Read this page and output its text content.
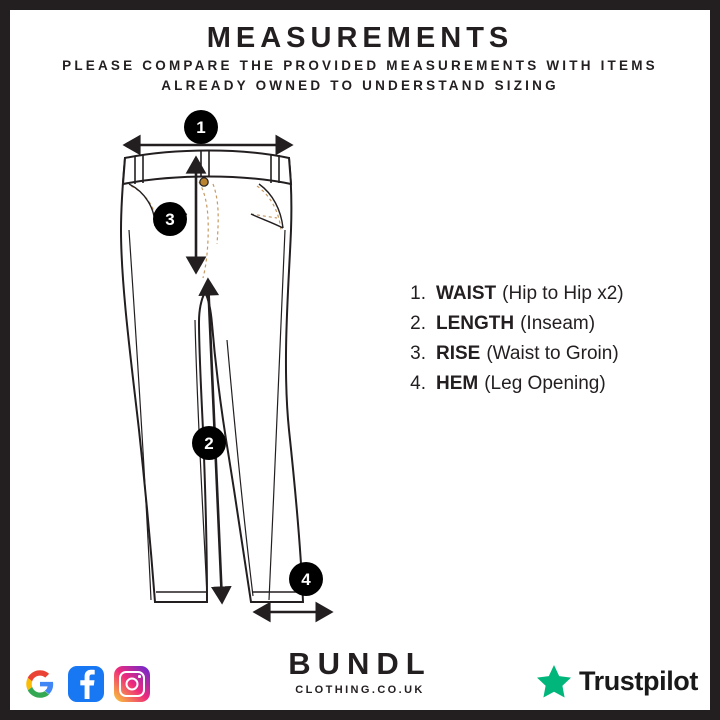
MEASUREMENTS
PLEASE COMPARE THE PROVIDED MEASUREMENTS WITH ITEMS ALREADY OWNED TO UNDERSTAND SIZING
1
3
2
4
1. WAIST (Hip to Hip x2)
2. LENGTH (Inseam)
3. RISE (Waist to Groin)
4. HEM (Leg Opening)
BUNDL
CLOTHING.CO.UK	Trustpilot
